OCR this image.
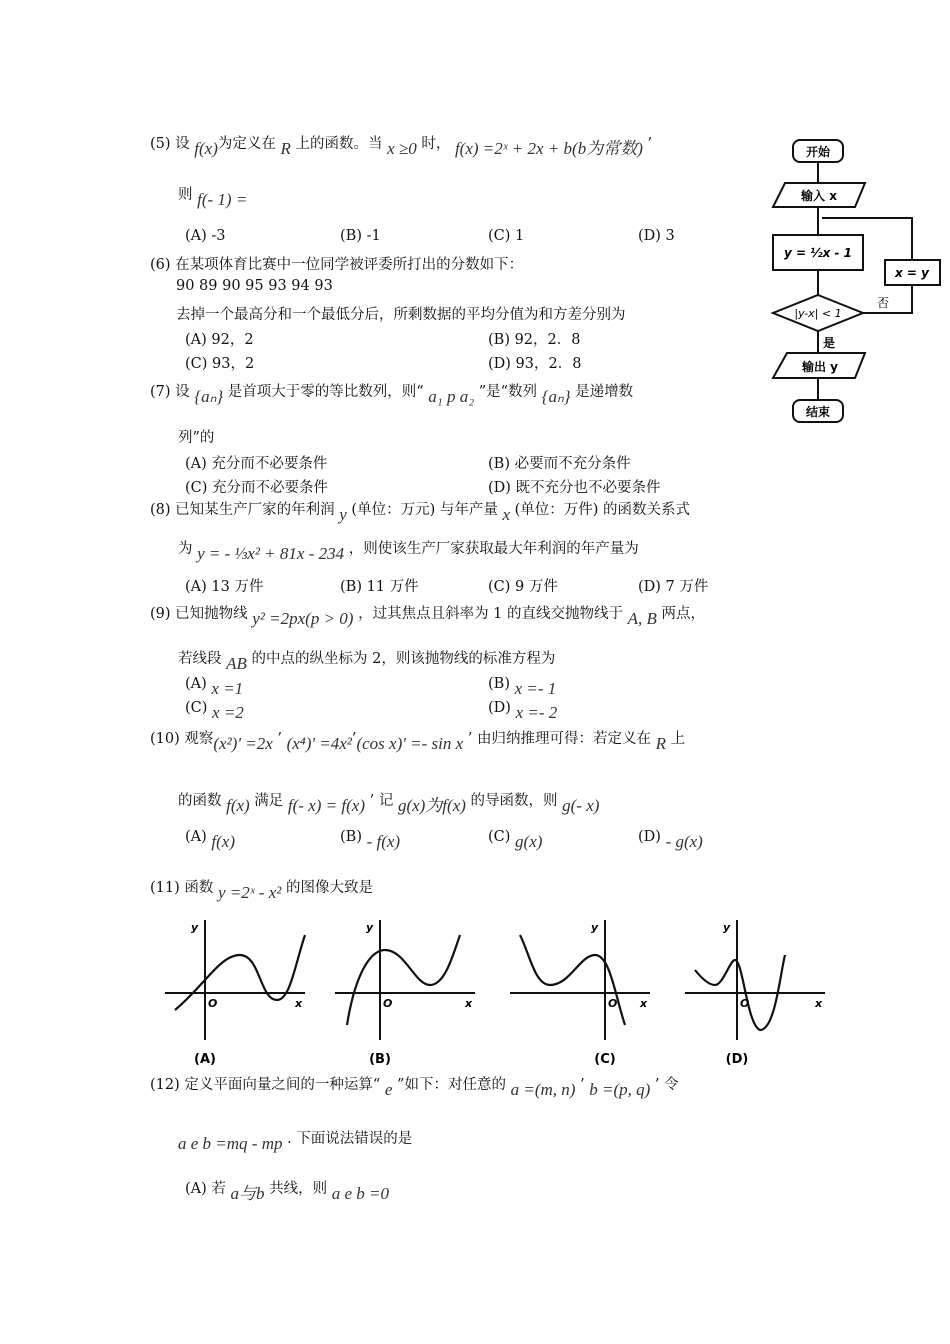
(5) 设 f(x)为定义在 R 上的函数。当 x ≥0 时， f(x) =2ˣ + 2x + b(b为常数) ’
则 f(- 1) =
(A) -3	(B) -1	(C) 1	(D) 3
(6) 在某项体育比赛中一位同学被评委所打出的分数如下：
90 89 90 95 93 94 93
去掉一个最高分和一个最低分后，所剩数据的平均分值为和方差分别为
(A) 92，2	(B) 92，2．8
(C) 93，2	(D) 93，2．8
(7) 设 {aₙ} 是首项大于零的等比数列，则“ a₁ p a₂ ”是“数列 {aₙ} 是递增数
列”的
(A) 充分而不必要条件	(B) 必要而不充分条件
(C) 充分而不必要条件	(D) 既不充分也不必要条件
(8) 已知某生产厂家的年利润 y (单位：万元) 与年产量 x (单位：万件) 的函数关系式
为 y = - ⅓x² + 81x - 234 ，则使该生产厂家获取最大年利润的年产量为
(A) 13 万件	(B) 11 万件	(C) 9 万件	(D) 7 万件
(9) 已知抛物线 y² =2px(p > 0) ，过其焦点且斜率为 1 的直线交抛物线于 A, B 两点，
若线段 AB 的中点的纵坐标为 2，则该抛物线的标准方程为
(A) x =1	(B) x =- 1
(C) x =2	(D) x =- 2
(10) 观察(x²)' =2x ’ (x⁴)' =4x²’(cos x)' =- sin x ’ 由归纳推理可得：若定义在 R 上
的函数 f(x) 满足 f(- x) = f(x) ’ 记 g(x)为f(x) 的导函数，则 g(- x)
(A) f(x)	(B) - f(x)	(C) g(x)	(D) - g(x)
(11) 函数 y =2ˣ - x² 的图像大致是
(12) 定义平面向量之间的一种运算“ e ”如下：对任意的 a =(m, n) ’ b =(p, q) ’ 令
a e b =mq - mp . 下面说法错误的是
(A) 若 a与b 共线，则 a e b =0
开始
输入 x
y = ½x - 1
|y-x| < 1
否
是
x = y
输出 y
结束
y
O	x
(A)
y
O	x
(B)
y
O x
(C)
y
O	x
(D)
